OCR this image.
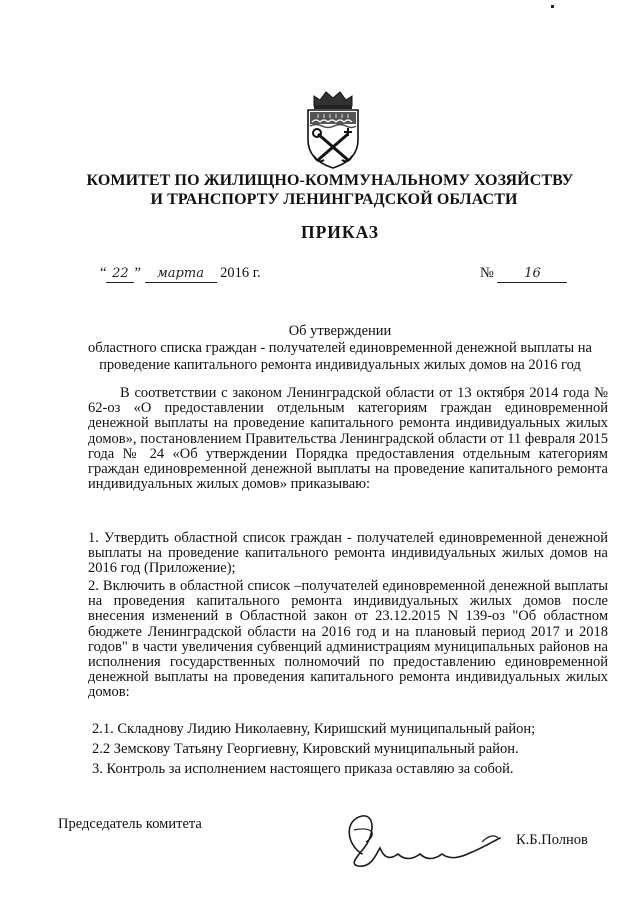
КОМИТЕТ ПО ЖИЛИЩНО-КОММУНАЛЬНОМУ ХОЗЯЙСТВУ
И ТРАНСПОРТУ ЛЕНИНГРАДСКОЙ ОБЛАСТИ
ПРИКАЗ
“ 22 ” марта 2016 г.	№ 16
Об утверждении
областного списка граждан - получателей единовременной денежной выплаты на
проведение капитального ремонта индивидуальных жилых домов на 2016 год
В соответствии с законом Ленинградской области от 13 октября 2014 года № 62-оз «О предоставлении отдельным категориям граждан единовременной денежной выплаты на проведение капитального ремонта индивидуальных жилых домов», постановлением Правительства Ленинградской области от 11 февраля 2015 года № 24 «Об утверждении Порядка предоставления отдельным категориям граждан единовременной денежной выплаты на проведение капитального ремонта индивидуальных жилых домов» приказываю:
1. Утвердить областной список граждан - получателей единовременной денежной выплаты на проведение капитального ремонта индивидуальных жилых домов на 2016 год (Приложение);
2. Включить в областной список –получателей единовременной денежной выплаты на проведения капитального ремонта индивидуальных жилых домов после внесения изменений в Областной закон от 23.12.2015 N 139-оз "Об областном бюджете Ленинградской области на 2016 год и на плановый период 2017 и 2018 годов" в части увеличения субвенций администрациям муниципальных районов на исполнения государственных полномочий по предоставлению единовременной денежной выплаты на проведения капитального ремонта индивидуальных жилых домов:
2.1. Складнову Лидию Николаевну, Киришский муниципальный район;
2.2 Земскову Татьяну Георгиевну, Кировский муниципальный район.
3. Контроль за исполнением настоящего приказа оставляю за собой.
Председатель комитета
К.Б.Полнов
